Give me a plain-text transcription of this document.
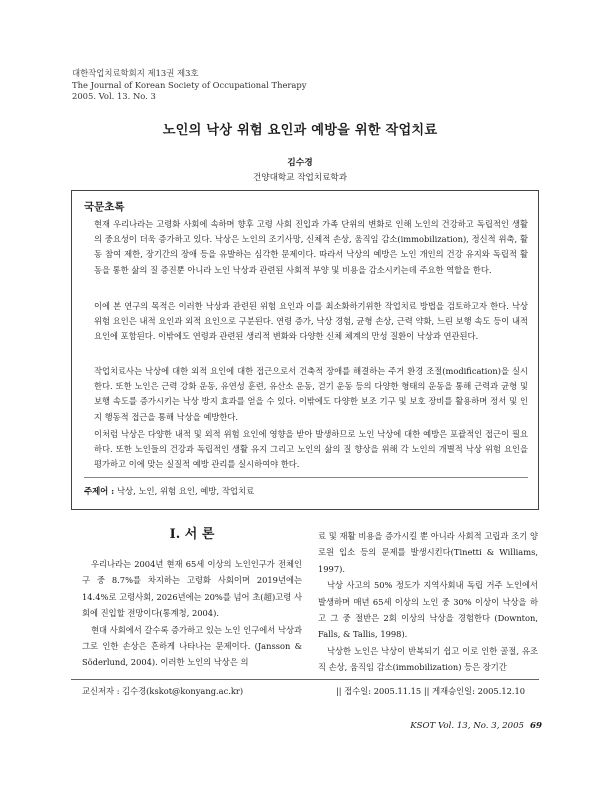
대한작업치료학회지 제13권 제3호
The Journal of Korean Society of Occupational Therapy
2005. Vol. 13. No. 3
노인의 낙상 위험 요인과 예방을 위한 작업치료
김수경
건양대학교 작업치료학과
국문초록

현재 우리나라는 고령화 사회에 속하며 향후 고령 사회 진입과 가족 단위의 변화로 인해 노인의 건강하고 독립적인 생활의 중요성이 더욱 증가하고 있다. 낙상은 노인의 조기사망, 신체적 손상, 움직임 감소(immobilization), 정신적 위축, 활동 참여 제한, 장기간의 장애 등을 유발하는 심각한 문제이다. 따라서 낙상의 예방은 노인 개인의 건강 유지와 독립적 활동을 통한 삶의 질 증진뿐 아니라 노인 낙상과 관련된 사회적 부양 및 비용을 감소시키는데 주요한 역할을 한다.

이에 본 연구의 목적은 이러한 낙상과 관련된 위험 요인과 이를 최소화하기위한 작업치료 방법을 검토하고자 한다. 낙상 위험 요인은 내적 요인과 외적 요인으로 구분된다. 연령 증가, 낙상 경험, 균형 손상, 근력 약화, 느린 보행 속도 등이 내적 요인에 포함된다. 이밖에도 연령과 관련된 생리적 변화와 다양한 신체 체계의 만성 질환이 낙상과 연관된다.

작업치료사는 낙상에 대한 외적 요인에 대한 접근으로서 건축적 장애를 해결하는 주거 환경 조절(modification)을 실시한다. 또한 노인은 근력 강화 운동, 유연성 훈련, 유산소 운동, 걷기 운동 등의 다양한 형태의 운동을 통해 근력과 균형 및 보행 속도를 증가시키는 낙상 방지 효과를 얻을 수 있다. 이밖에도 다양한 보조 기구 및 보호 장비를 활용하며 정서 및 인지 행동적 접근을 통해 낙상을 예방한다.

이처럼 낙상은 다양한 내적 및 외적 위험 요인에 영향을 받아 발생하므로 노인 낙상에 대한 예방은 포괄적인 접근이 필요하다. 또한 노인들의 건강과 독립적인 생활 유지 그리고 노인의 삶의 질 향상을 위해 각 노인의 개별적 낙상 위험 요인을 평가하고 이에 맞는 실질적 예방 관리를 실시하여야 한다.

주제어 : 낙상, 노인, 위험 요인, 예방, 작업치료
Ⅰ. 서 론

우리나라는 2004년 현재 65세 이상의 노인인구가 전체인구 중 8.7%를 차지하는 고령화 사회이며 2019년에는 14.4%로 고령사회, 2026년에는 20%를 넘어 초(超)고령 사회에 진입할 전망이다(통계청, 2004).

현대 사회에서 갈수록 증가하고 있는 노인 인구에서 낙상과 그로 인한 손상은 흔하게 나타나는 문제이다. (Jansson & Söderlund, 2004). 이러한 노인의 낙상은 의

료 및 재활 비용을 증가시킬 뿐 아니라 사회적 고립과 조기 양로원 입소 등의 문제를 발생시킨다(Tinetti & Williams, 1997).

낙상 사고의 50% 정도가 지역사회내 독립 거주 노인에서 발생하며 매년 65세 이상의 노인 중 30% 이상이 낙상을 하고 그 중 절반은 2회 이상의 낙상을 경험한다 (Downton, Falls, & Tallis, 1998).

낙상한 노인은 낙상이 반복되기 쉽고 이로 인한 골절, 유조직 손상, 움직임 감소(immobilization) 등은 장기간

교신저자 : 김수경(kskot@konyang.ac.kr)	|| 접수일: 2005.11.15 || 게재승인일: 2005.12.10
KSOT Vol. 13, No. 3, 2005 69
